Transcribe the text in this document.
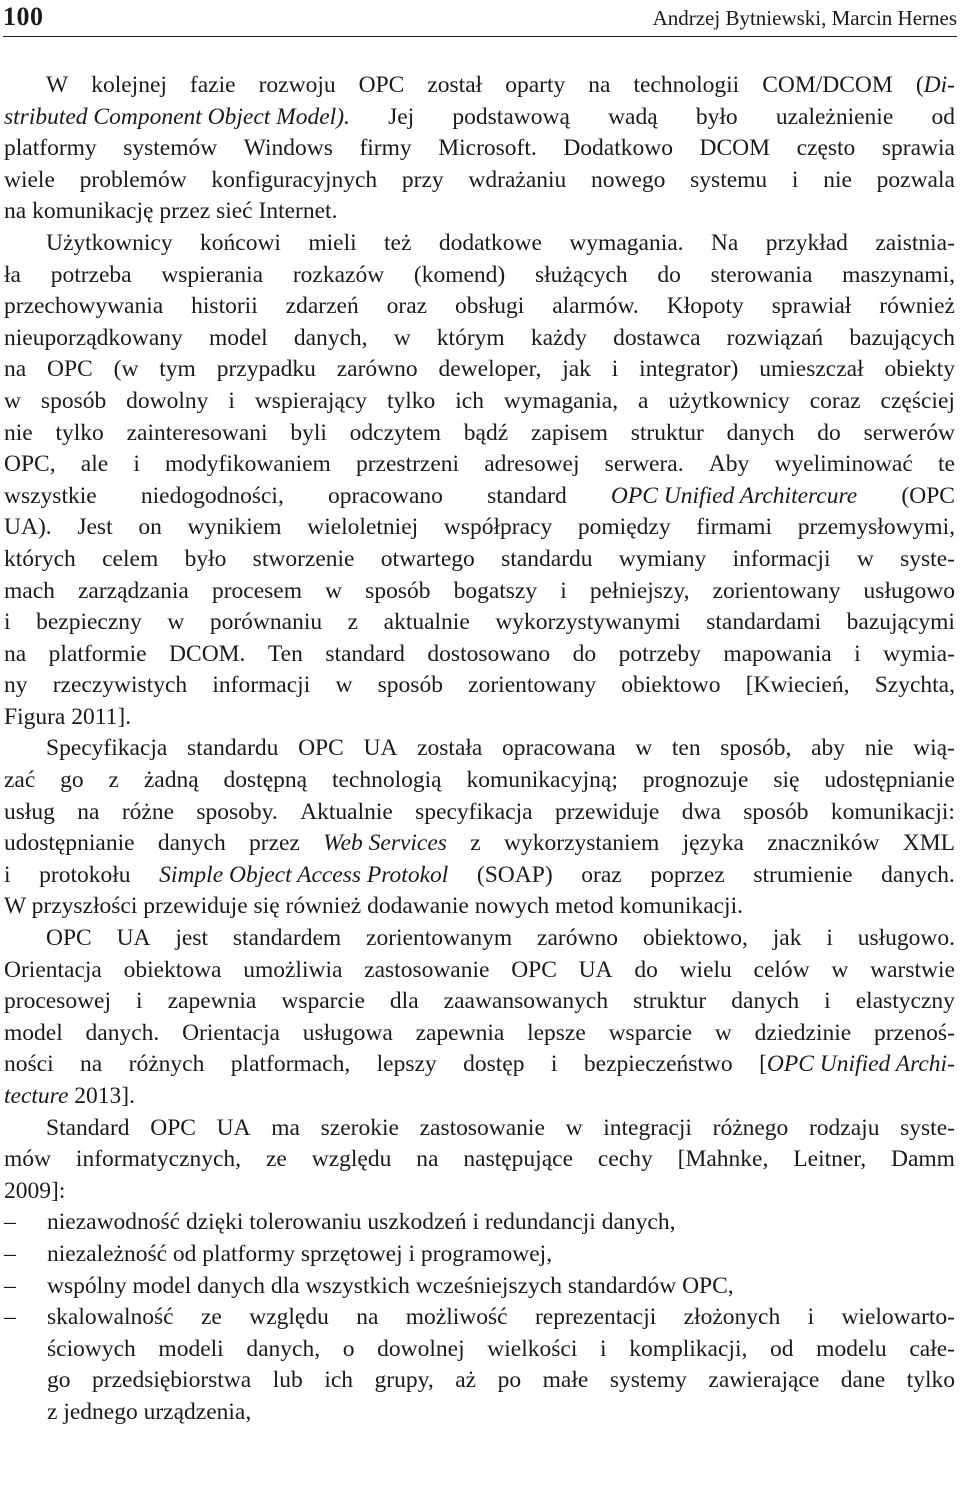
100	Andrzej Bytniewski, Marcin Hernes
W kolejnej fazie rozwoju OPC został oparty na technologii COM/DCOM (Di-
stributed Component Object Model). Jej podstawową wadą było uzależnienie od
platformy systemów Windows firmy Microsoft. Dodatkowo DCOM często sprawia
wiele problemów konfiguracyjnych przy wdrażaniu nowego systemu i nie pozwala
na komunikację przez sieć Internet.
Użytkownicy końcowi mieli też dodatkowe wymagania. Na przykład zaistnia-
ła potrzeba wspierania rozkazów (komend) służących do sterowania maszynami,
przechowywania historii zdarzeń oraz obsługi alarmów. Kłopoty sprawiał również
nieuporządkowany model danych, w którym każdy dostawca rozwiązań bazujących
na OPC (w tym przypadku zarówno deweloper, jak i integrator) umieszczał obiekty
w sposób dowolny i wspierający tylko ich wymagania, a użytkownicy coraz częściej
nie tylko zainteresowani byli odczytem bądź zapisem struktur danych do serwerów
OPC, ale i modyfikowaniem przestrzeni adresowej serwera. Aby wyeliminować te
wszystkie niedogodności, opracowano standard OPC Unified Architercure (OPC
UA). Jest on wynikiem wieloletniej współpracy pomiędzy firmami przemysłowymi,
których celem było stworzenie otwartego standardu wymiany informacji w syste-
mach zarządzania procesem w sposób bogatszy i pełniejszy, zorientowany usługowo
i bezpieczny w porównaniu z aktualnie wykorzystywanymi standardami bazującymi
na platformie DCOM. Ten standard dostosowano do potrzeby mapowania i wymia-
ny rzeczywistych informacji w sposób zorientowany obiektowo [Kwiecień, Szychta,
Figura 2011].
Specyfikacja standardu OPC UA została opracowana w ten sposób, aby nie wią-
zać go z żadną dostępną technologią komunikacyjną; prognozuje się udostępnianie
usług na różne sposoby. Aktualnie specyfikacja przewiduje dwa sposób komunikacji:
udostępnianie danych przez Web Services z wykorzystaniem języka znaczników XML
i protokołu Simple Object Access Protokol (SOAP) oraz poprzez strumienie danych.
W przyszłości przewiduje się również dodawanie nowych metod komunikacji.
OPC UA jest standardem zorientowanym zarówno obiektowo, jak i usługowo.
Orientacja obiektowa umożliwia zastosowanie OPC UA do wielu celów w warstwie
procesowej i zapewnia wsparcie dla zaawansowanych struktur danych i elastyczny
model danych. Orientacja usługowa zapewnia lepsze wsparcie w dziedzinie przenoś-
ności na różnych platformach, lepszy dostęp i bezpieczeństwo [OPC Unified Archi-
tecture 2013].
Standard OPC UA ma szerokie zastosowanie w integracji różnego rodzaju syste-
mów informatycznych, ze względu na następujące cechy [Mahnke, Leitner, Damm
2009]:
– niezawodność dzięki tolerowaniu uszkodzeń i redundancji danych,
– niezależność od platformy sprzętowej i programowej,
– wspólny model danych dla wszystkich wcześniejszych standardów OPC,
– skalowalność ze względu na możliwość reprezentacji złożonych i wielowarto-
ściowych modeli danych, o dowolnej wielkości i komplikacji, od modelu całe-
go przedsiębiorstwa lub ich grupy, aż po małe systemy zawierające dane tylko
z jednego urządzenia,
